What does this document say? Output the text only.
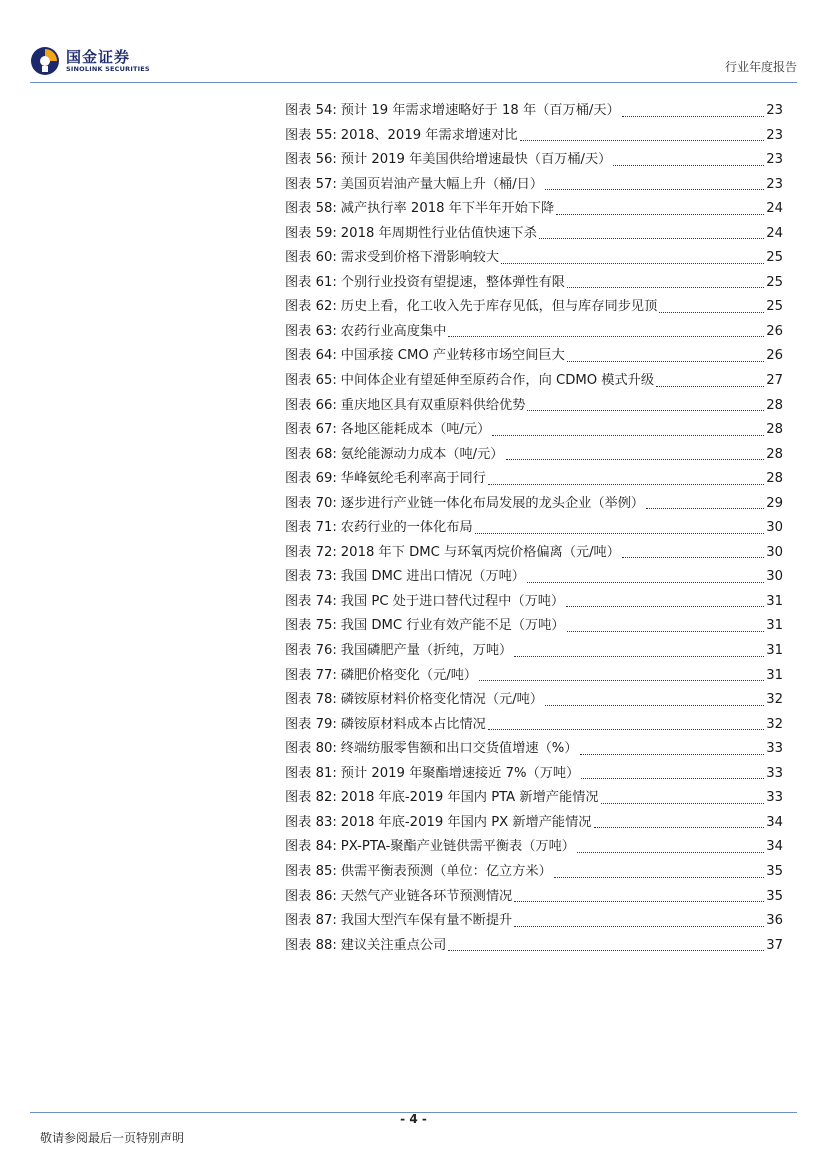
国金证券
SINOLINK SECURITIES	行业年度报告
图表 54: 预计 19 年需求增速略好于 18 年（百万桶/天）	23
图表 55: 2018、2019 年需求增速对比	23
图表 56: 预计 2019 年美国供给增速最快（百万桶/天）	23
图表 57: 美国页岩油产量大幅上升（桶/日）	23
图表 58: 减产执行率 2018 年下半年开始下降	24
图表 59: 2018 年周期性行业估值快速下杀	24
图表 60: 需求受到价格下滑影响较大	25
图表 61: 个别行业投资有望提速，整体弹性有限	25
图表 62: 历史上看，化工收入先于库存见低，但与库存同步见顶	25
图表 63: 农药行业高度集中	26
图表 64: 中国承接 CMO 产业转移市场空间巨大	26
图表 65: 中间体企业有望延伸至原药合作，向 CDMO 模式升级	27
图表 66: 重庆地区具有双重原料供给优势	28
图表 67: 各地区能耗成本（吨/元）	28
图表 68: 氨纶能源动力成本（吨/元）	28
图表 69: 华峰氨纶毛利率高于同行	28
图表 70: 逐步进行产业链一体化布局发展的龙头企业（举例）	29
图表 71: 农药行业的一体化布局	30
图表 72: 2018 年下 DMC 与环氧丙烷价格偏离（元/吨）	30
图表 73: 我国 DMC 进出口情况（万吨）	30
图表 74: 我国 PC 处于进口替代过程中（万吨）	31
图表 75: 我国 DMC 行业有效产能不足（万吨）	31
图表 76: 我国磷肥产量（折纯，万吨）	31
图表 77: 磷肥价格变化（元/吨）	31
图表 78: 磷铵原材料价格变化情况（元/吨）	32
图表 79: 磷铵原材料成本占比情况	32
图表 80: 终端纺服零售额和出口交货值增速（%）	33
图表 81: 预计 2019 年聚酯增速接近 7%（万吨）	33
图表 82: 2018 年底-2019 年国内 PTA 新增产能情况	33
图表 83: 2018 年底-2019 年国内 PX 新增产能情况	34
图表 84: PX-PTA-聚酯产业链供需平衡表（万吨）	34
图表 85: 供需平衡表预测（单位：亿立方米）	35
图表 86: 天然气产业链各环节预测情况	35
图表 87: 我国大型汽车保有量不断提升	36
图表 88: 建议关注重点公司	37
- 4 -
敬请参阅最后一页特别声明
